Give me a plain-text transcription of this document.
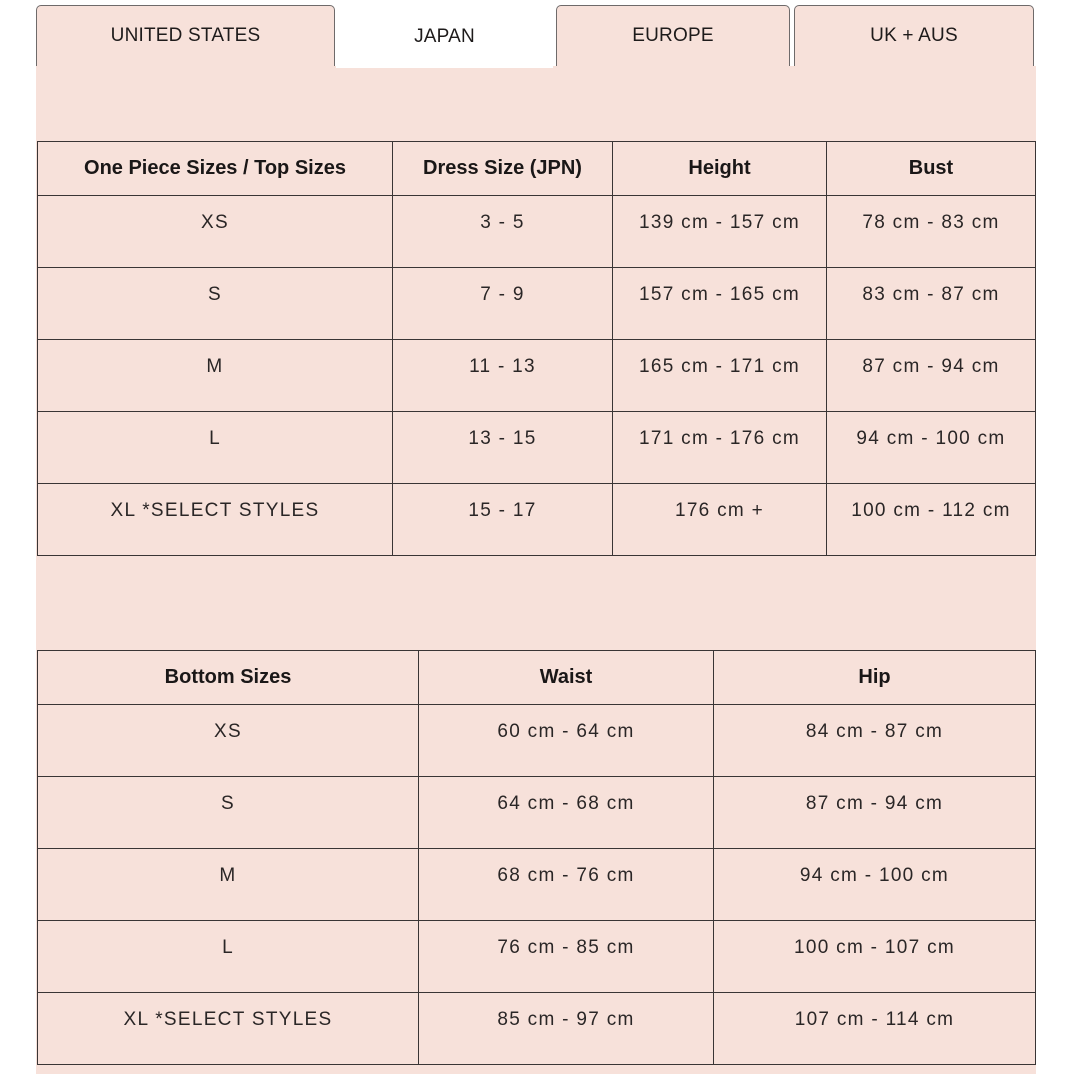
UNITED STATES	JAPAN	EUROPE	UK + AUS
One Piece Sizes / Top Sizes	Dress Size (JPN)	Height	Bust
XS	3 - 5	139 cm - 157 cm	78 cm - 83 cm
S	7 - 9	157 cm - 165 cm	83 cm - 87 cm
M	11 - 13	165 cm - 171 cm	87 cm - 94 cm
L	13 - 15	171 cm - 176 cm	94 cm - 100 cm
XL *SELECT STYLES	15 - 17	176 cm +	100 cm - 112 cm
Bottom Sizes	Waist	Hip
XS	60 cm - 64 cm	84 cm - 87 cm
S	64 cm - 68 cm	87 cm - 94 cm
M	68 cm - 76 cm	94 cm - 100 cm
L	76 cm - 85 cm	100 cm - 107 cm
XL *SELECT STYLES	85 cm - 97 cm	107 cm - 114 cm
